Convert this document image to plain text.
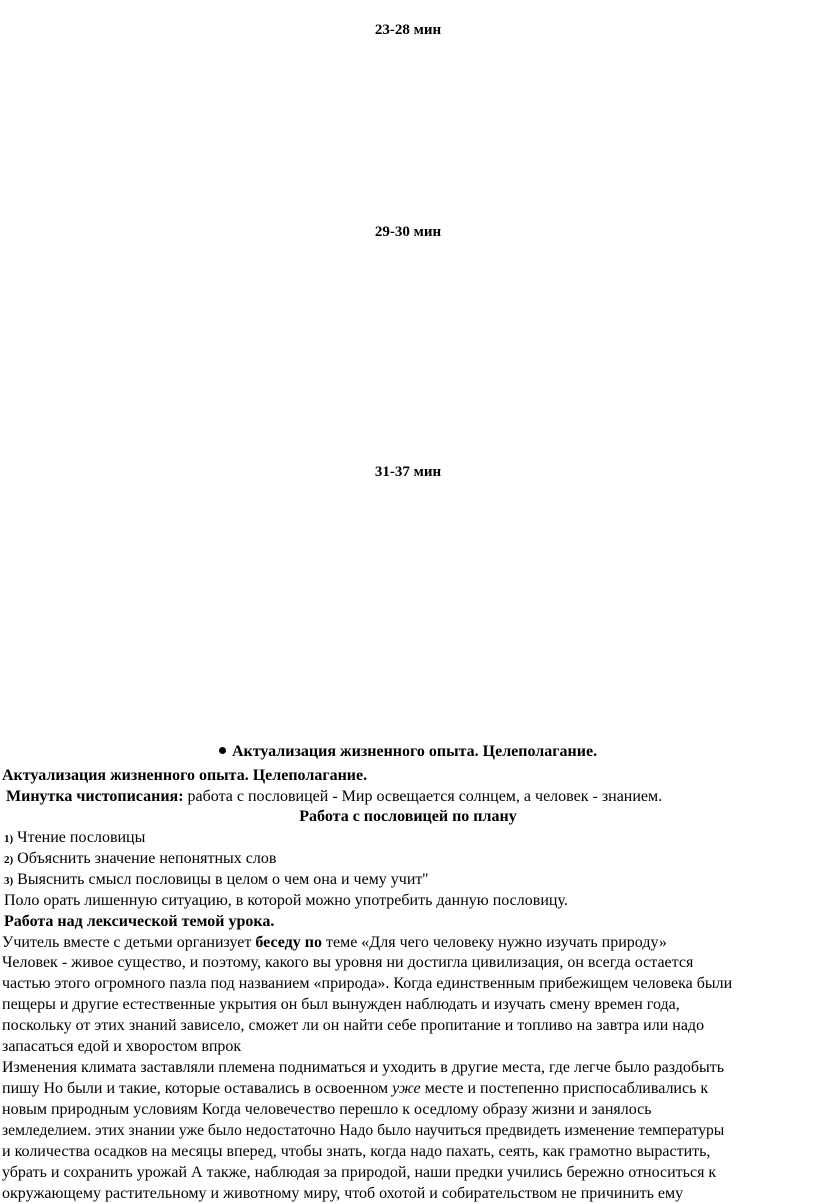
23-28 мин
29-30 мин
31-37 мин
Актуализация жизненного опыта. Целеполагание.
Актуализация жизненного опыта. Целеполагание.
Минутка чистописания: работа с пословицей - Мир освещается солнцем, а человек - знанием.
Работа с пословицей по плану
1) Чтение пословицы
2) Объяснить значение непонятных слов
3) Выяснить смысл пословицы в целом о чем она и чему учит''
Поло орать лишенную ситуацию, в которой можно употребить данную пословицу.
Работа над лексической темой урока.
Учитель вместе с детьми организует беседу по теме «Для чего человеку нужно изучать природу»
Человек - живое существо, и поэтому, какого вы уровня ни достигла цивилизация, он всегда остается
частью этого огромного пазла под названием «природа». Когда единственным прибежищем человека были
пещеры и другие естественные укрытия он был вынужден наблюдать и изучать смену времен года,
поскольку от этих знаний зависело, сможет ли он найти себе пропитание и топливо на завтра или надо
запасаться едой и хворостом впрок
Изменения климата заставляли племена подниматься и уходить в другие места, где легче было раздобыть
пишу Но были и такие, которые оставались в освоенном уже месте и постепенно приспосабливались к
новым природным условиям Когда человечество перешло к оседлому образу жизни и занялось
земледелием. этих знании уже было недостаточно Надо было научиться предвидеть изменение температуры
и количества осадков на месяцы вперед, чтобы знать, когда надо пахать, сеять, как грамотно вырастить,
убрать и сохранить урожай А также, наблюдая за природой, наши предки учились бережно относиться к
окружающему растительному и животному миру, чтоб охотой и собирательством не причинить ему
